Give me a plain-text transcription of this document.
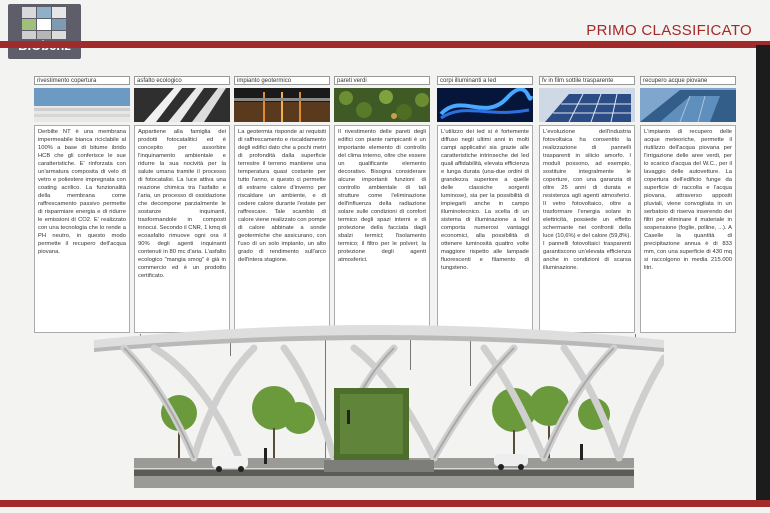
PRIMO CLASSIFICATO
rivestimento copertura
Derbilte NT è una membrana impermeabile bianca riciclabile al 100% a base di bitume ibrido HCB che gli conferisce le sue caratteristiche. E' rinforzata con un'armatura composita di velo di vetro e poliestere impregnata con coating acrilico. La funzionalità della membrana come raffrescamento passivo permette di risparmiare energia e di ridurre le emissioni di CO2. E' realizzato con una tecnologia che lo rende a PH neutro, in questo modo permette il recupero dell'acqua piovana.
asfalto ecologico
Appartiene alla famiglia dei prodotti fotocatalitici ed è concepito per assorbire l'inquinamento ambientale e ridurre la sua nocività per la salute umana tramite il processo di fotocatalisi. La luce attiva una reazione chimica tra l'asfalto e l'aria, un processo di ossidazione che decompone parzialmente le sostanze inquinanti, trasformandole in composti innocui. Secondo il CNR, 1 kmq di ecoasfalto rimuove ogni ora il 90% degli agenti inquinanti contenuti in 80 mc d'aria. L'asfalto ecologico "mangia smog" è già in commercio ed è un prodotto certificato.
impianto geotermico
La geotermia risponde ai requisiti di raffrescamento e riscaldamento degli edifici dato che a pochi metri di profondità dalla superficie terrestre il terreno mantiene una temperatura quasi costante per tutto l'anno, e questo ci permette di estrarre calore d'inverno per riscaldare un ambiente, e di cedere calore durante l'estate per raffrescare. Tale scambio di calore viene realizzato con pompe di calore abbinate a sonde geotermiche che assicurano, con l'uso di un solo impianto, un alto grado di rendimento sull'arco dell'intera stagione.
pareti verdi
Il rivestimento delle pareti degli edifici con piante rampicanti è un importante elemento di controllo del clima interno, oltre che essere un qualificante elemento decorativo. Bisogna considerare alcune importanti funzioni di controllo ambientale di tali strutture come l'eliminazione dell'influenza della radiazione solare sulle condizioni di comfort termico degli spazi interni e di protezione della facciata dagli sbalzi termici; l'isolamento termico; il filtro per le polveri; la protezione degli agenti atmosferici.
corpi illuminanti a led
L'utilizzo dei led si è fortemente diffuso negli ultimi anni in molti campi applicativi sia grazie alle caratteristiche intrinseche dei led quali affidabilità, elevata efficienza e lunga durata (una-due ordini di grandezza superiore a quelle delle classiche sorgenti luminose), sia per la possibilità di impiegarli anche in campo illuminotecnico. La scelta di un sistema di illuminazione a led comporta numerosi vantaggi economici, alla possibilità di ottenere luminosità quattro volte maggiore rispetto alle lampade fluorescenti e filamento di tungsteno.
fv in film sottile trasparente
L'evoluzione dell'industria fotovoltaica ha consentito la realizzazione di pannelli trasparenti in silicio amorfo. I moduli possono, ad esempio, sostituire integralmente le coperture, con una garanzia di oltre 25 anni di durata e resistenza agli agenti atmosferici. Il vetro fotovoltaico, oltre a trasformare l'energia solare in elettricità, possiede un effetto schermante nei confronti della luce (10,6%) e del calore (59,8%). I pannelli fotovoltaici trasparenti garantiscono un'elevata efficienza anche in condizioni di scarsa illuminazione.
recupero acque piovane
L'impianto di recupero delle acque meteoriche, permette il riutilizzo dell'acqua piovana per l'irrigazione delle aree verdi, per lo scarico d'acqua del W.C., per il lavaggio delle autovetture. La copertura dell'edificio funge da superficie di raccolta e l'acqua piovana, attraverso appositi pluviali, viene convogliata in un serbatoio di riserva inserendo dei filtri per eliminare il materiale in sospensione (foglie, polline, ...). A Caselle la quantità di precipitazione annua è di 833 mm, con una superficie di 430 mq si raccolgono in media 215.000 litri.
